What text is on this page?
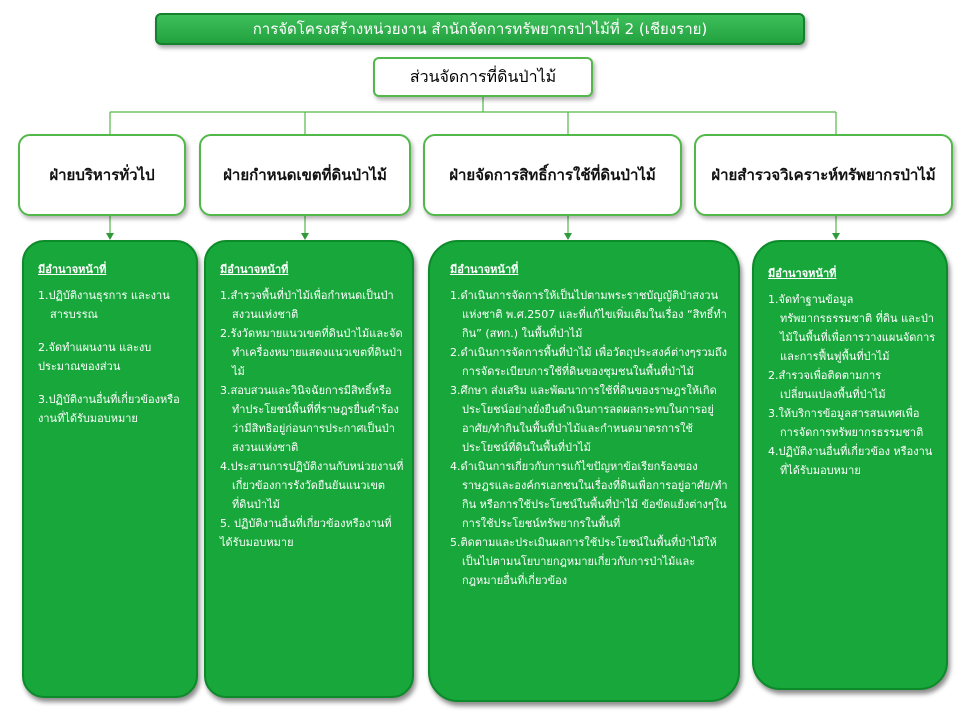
การจัดโครงสร้างหน่วยงาน สำนักจัดการทรัพยากรป่าไม้ที่ 2 (เชียงราย)
ส่วนจัดการที่ดินป่าไม้
ฝ่ายบริหารทั่วไป	ฝ่ายกำหนดเขตที่ดินป่าไม้	ฝ่ายจัดการสิทธิ์การใช้ที่ดินป่าไม้	ฝ่ายสำรวจวิเคราะห์ทรัพยากรป่าไม้
มีอำนาจหน้าที่
1.ปฏิบัติงานธุรการ และงานสารบรรณ
2.จัดทำแผนงาน และงบประมาณของส่วน
3.ปฏิบัติงานอื่นที่เกี่ยวข้องหรืองานที่ได้รับมอบหมาย
มีอำนาจหน้าที่
1.สำรวจพื้นที่ป่าไม้เพื่อกำหนดเป็นป่าสงวนแห่งชาติ
2.รังวัดหมายแนวเขตที่ดินป่าไม้และจัดทำเครื่องหมายแสดงแนวเขตที่ดินป่าไม้
3.สอบสวนและวินิจฉัยการมีสิทธิ์หรือทำประโยชน์พื้นที่ที่ราษฎรยื่นคำร้องว่ามีสิทธิอยู่ก่อนการประกาศเป็นป่าสงวนแห่งชาติ
4.ประสานการปฏิบัติงานกับหน่วยงานที่เกี่ยวข้องการรังวัดยืนยันแนวเขตที่ดินป่าไม้
5. ปฏิบัติงานอื่นที่เกี่ยวข้องหรืองานที่ได้รับมอบหมาย
มีอำนาจหน้าที่
1.ดำเนินการจัดการให้เป็นไปตามพระราชบัญญัติป่าสงวนแห่งชาติ พ.ศ.2507 และที่แก้ไขเพิ่มเติมในเรื่อง “สิทธิ์ทำกิน” (สทก.) ในพื้นที่ป่าไม้
2.ดำเนินการจัดการพื้นที่ป่าไม้ เพื่อวัตถุประสงค์ต่างๆรวมถึงการจัดระเบียบการใช้ที่ดินของชุมชนในพื้นที่ป่าไม้
3.ศึกษา ส่งเสริม และพัฒนาการใช้ที่ดินของราษฎรให้เกิดประโยชน์อย่างยั่งยืนดำเนินการลดผลกระทบในการอยู่อาศัย/ทำกินในพื้นที่ป่าไม้และกำหนดมาตรการใช้ประโยชน์ที่ดินในพื้นที่ป่าไม้
4.ดำเนินการเกี่ยวกับการแก้ไขปัญหาข้อเรียกร้องของราษฎรและองค์กรเอกชนในเรื่องที่ดินเพื่อการอยู่อาศัย/ทำกิน หรือการใช้ประโยชน์ในพื้นที่ป่าไม้ ข้อขัดแย้งต่างๆในการใช้ประโยชน์ทรัพยากรในพื้นที่
5.ติดตามและประเมินผลการใช้ประโยชน์ในพื้นที่ป่าไม้ให้เป็นไปตามนโยบายกฎหมายเกี่ยวกับการป่าไม้และกฎหมายอื่นที่เกี่ยวข้อง
มีอำนาจหน้าที่
1.จัดทำฐานข้อมูลทรัพยากรธรรมชาติ ที่ดิน และป่าไม้ในพื้นที่เพื่อการวางแผนจัดการ และการฟื้นฟูพื้นที่ป่าไม้
2.สำรวจเพื่อติดตามการเปลี่ยนแปลงพื้นที่ป่าไม้
3.ให้บริการข้อมูลสารสนเทศเพื่อการจัดการทรัพยากรธรรมชาติ
4.ปฏิบัติงานอื่นที่เกี่ยวข้อง หรืองานที่ได้รับมอบหมาย
